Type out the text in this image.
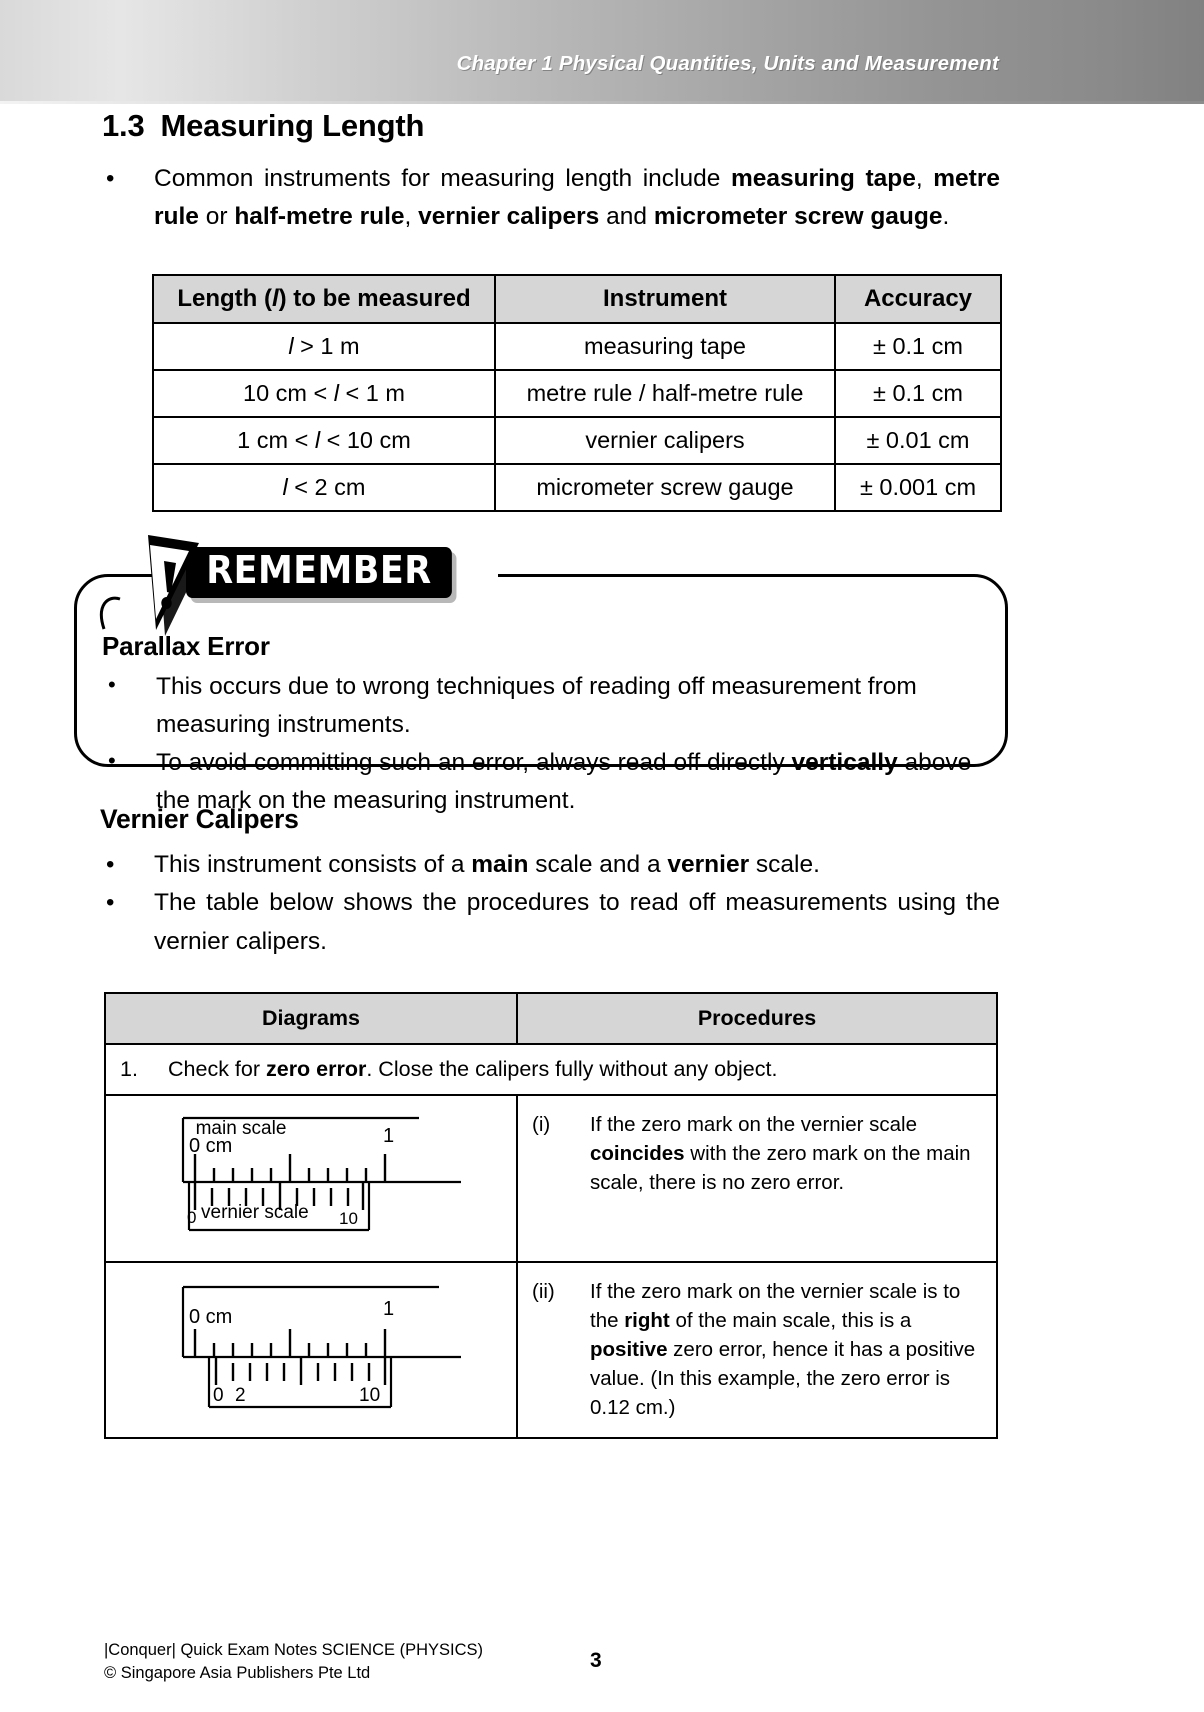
Chapter 1 Physical Quantities, Units and Measurement
1.3 Measuring Length
•	Common instruments for measuring length include measuring tape, metre rule or half-metre rule, vernier calipers and micrometer screw gauge.
Length (l) to be measured	Instrument	Accuracy
l > 1 m	measuring tape	± 0.1 cm
10 cm < l < 1 m	metre rule / half-metre rule	± 0.1 cm
1 cm < l < 10 cm	vernier calipers	± 0.01 cm
l < 2 cm	micrometer screw gauge	± 0.001 cm
REMEMBER
Parallax Error
•	This occurs due to wrong techniques of reading off measurement from measuring instruments.
•	To avoid committing such an error, always read off directly vertically above the mark on the measuring instrument.
Vernier Calipers
•	This instrument consists of a main scale and a vernier scale.
•	The table below shows the procedures to read off measurements using the vernier calipers.
Diagrams	Procedures
1. Check for zero error. Close the calipers fully without any object.	

main scale
0 cm	1
0 vernier scale 10

(i)	If the zero mark on the vernier scale coincides with the zero mark on the main scale, there is no zero error.

0 cm	1
0 2	10

(ii)	If the zero mark on the vernier scale is to the right of the main scale, this is a positive zero error, hence it has a positive value. (In this example, the zero error is 0.12 cm.)
|Conquer| Quick Exam Notes SCIENCE (PHYSICS)
© Singapore Asia Publishers Pte Ltd
3
